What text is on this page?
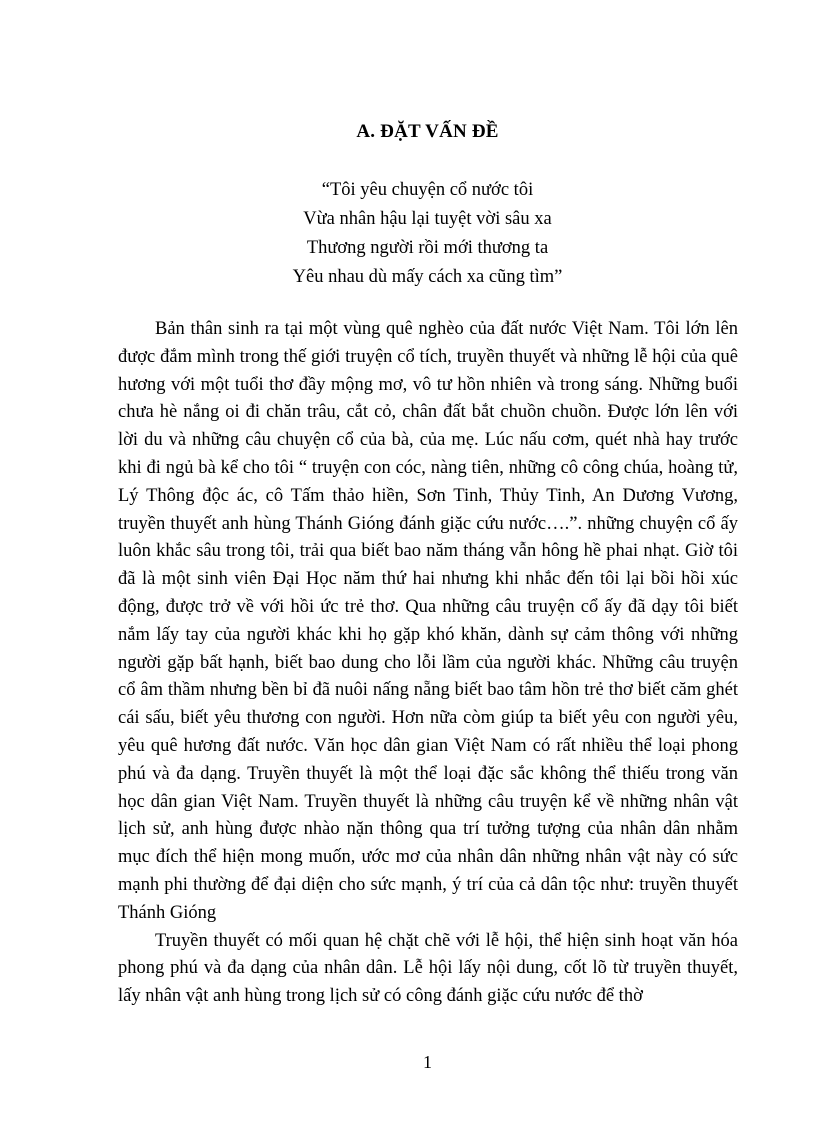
A. ĐẶT VẤN ĐỀ
“Tôi yêu chuyện cổ nước tôi
Vừa nhân hậu lại tuyệt vời sâu xa
Thương người rồi mới thương ta
Yêu nhau dù mấy cách xa cũng tìm”

Bản thân sinh ra tại một vùng quê nghèo của đất nước Việt Nam. Tôi lớn lên được đắm mình trong thế giới truyện cổ tích, truyền thuyết và những lễ hội của quê hương với một tuổi thơ đầy mộng mơ, vô tư hồn nhiên và trong sáng. Những buổi chưa hè nắng oi đi chăn trâu, cắt cỏ, chân đất bắt chuồn chuồn. Được lớn lên với lời du và những câu chuyện cổ của bà, của mẹ. Lúc nấu cơm, quét nhà hay trước khi đi ngủ bà kể cho tôi “ truyện con cóc, nàng tiên, những cô công chúa, hoàng tử, Lý Thông độc ác, cô Tấm thảo hiền, Sơn Tinh, Thủy Tinh, An Dương Vương, truyền thuyết anh hùng Thánh Gióng đánh giặc cứu nước….”. những chuyện cổ ấy luôn khắc sâu trong tôi, trải qua biết bao năm tháng vẫn hông hề phai nhạt. Giờ tôi đã là một sinh viên Đại Học năm thứ hai nhưng khi nhắc đến tôi lại bồi hồi xúc động, được trở về với hồi ức trẻ thơ. Qua những câu truyện cổ ấy đã dạy tôi biết nắm lấy tay của người khác khi họ gặp khó khăn, dành sự cảm thông với những người gặp bất hạnh, biết bao dung cho lỗi lầm của người khác. Những câu truyện cổ âm thầm nhưng bền bỉ đã nuôi nấng nẵng biết bao tâm hồn trẻ thơ biết căm ghét cái sấu, biết yêu thương con người. Hơn nữa còm giúp ta biết yêu con người yêu, yêu quê hương đất nước. Văn học dân gian Việt Nam có rất nhiều thể loại phong phú và đa dạng. Truyền thuyết là một thể loại đặc sắc không thể thiếu trong văn học dân gian Việt Nam. Truyền thuyết là những câu truyện kể về những nhân vật lịch sử, anh hùng được nhào nặn thông qua trí tưởng tượng của nhân dân nhằm mục đích thể hiện mong muốn, ước mơ của nhân dân những nhân vật này có sức mạnh phi thường để đại diện cho sức mạnh, ý trí của cả dân tộc như: truyền thuyết Thánh Gióng

Truyền thuyết có mối quan hệ chặt chẽ với lễ hội, thể hiện sinh hoạt văn hóa phong phú và đa dạng của nhân dân. Lễ hội lấy nội dung, cốt lõ từ truyền thuyết, lấy nhân vật anh hùng trong lịch sử có công đánh giặc cứu nước để thờ

1
